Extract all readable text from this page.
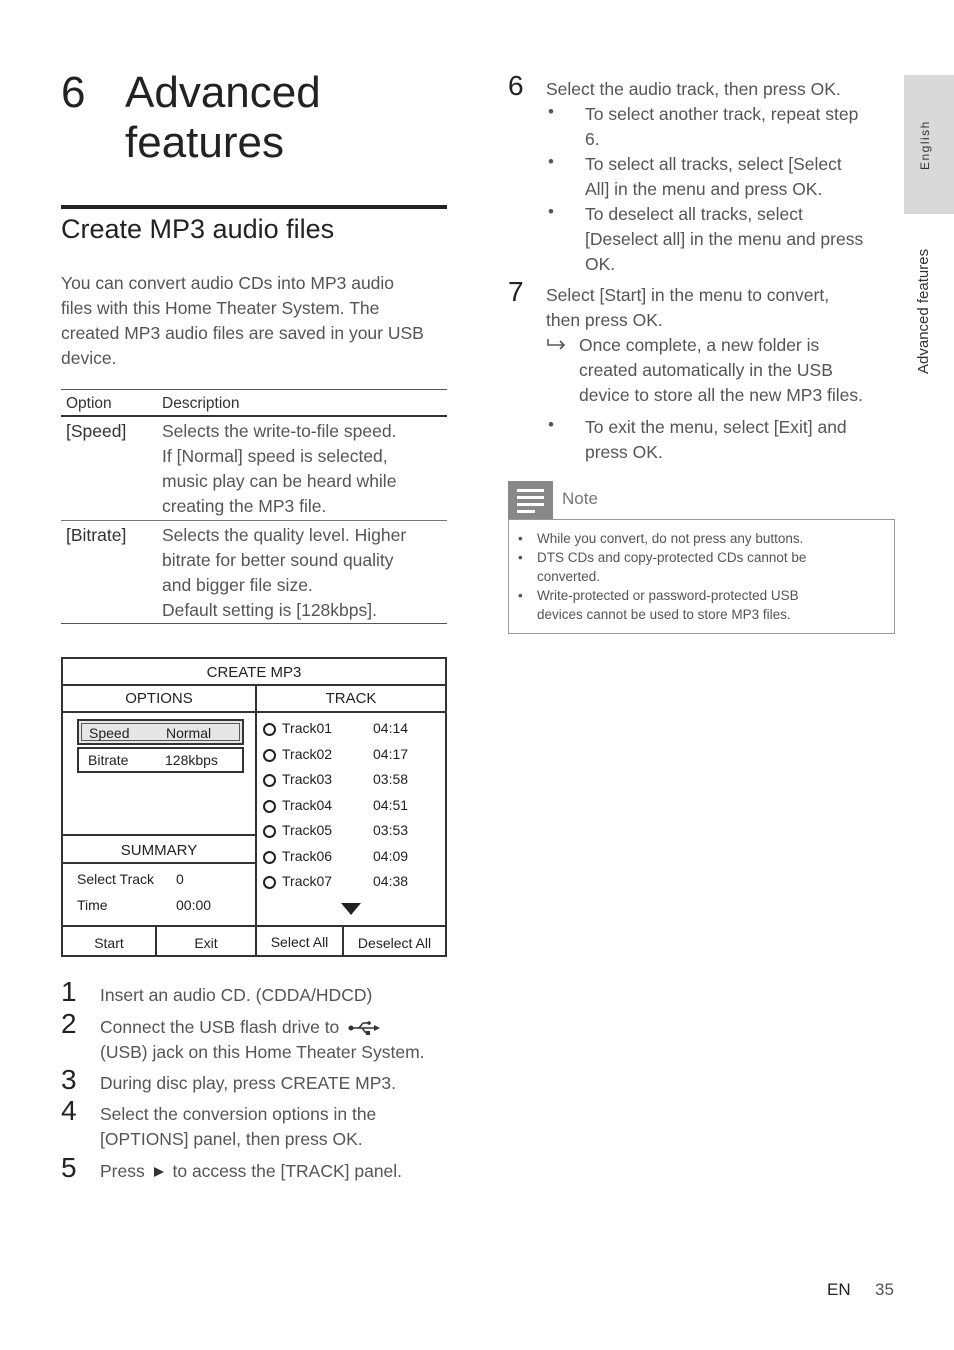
6 Advanced
features
Create MP3 audio files
You can convert audio CDs into MP3 audio
files with this Home Theater System. The
created MP3 audio files are saved in your USB
device.
Option	Description
[Speed]	Selects the write-to-file speed.
If [Normal] speed is selected,
music play can be heard while
creating the MP3 file.
[Bitrate]	Selects the quality level. Higher
bitrate for better sound quality
and bigger file size.
Default setting is [128kbps].
CREATE MP3
OPTIONS	TRACK
Speed	Normal
Bitrate	128kbps
SUMMARY
Select Track 0
Time	00:00
Track01	04:14
Track02	04:17
Track03	03:58
Track04	04:51
Track05	03:53
Track06	04:09
Track07	04:38
Start	Exit	Select All	Deselect All
1 Insert an audio CD. (CDDA/HDCD)
2 Connect the USB flash drive to
(USB) jack on this Home Theater System.
3 During disc play, press CREATE MP3.
4 Select the conversion options in the
[OPTIONS] panel, then press OK.
5 Press to access the [TRACK] panel.
6 Select the audio track, then press OK.
• To select another track, repeat step
6.
• To select all tracks, select [Select
All] in the menu and press OK.
• To deselect all tracks, select
[Deselect all] in the menu and press
OK.
7 Select [Start] in the menu to convert,
then press OK.
Once complete, a new folder is
created automatically in the USB
device to store all the new MP3 files.
• To exit the menu, select [Exit] and
press OK.
Note
• While you convert, do not press any buttons.
• DTS CDs and copy-protected CDs cannot be
converted.
• Write-protected or password-protected USB
devices cannot be used to store MP3 files.
English
Advanced features
EN 35
